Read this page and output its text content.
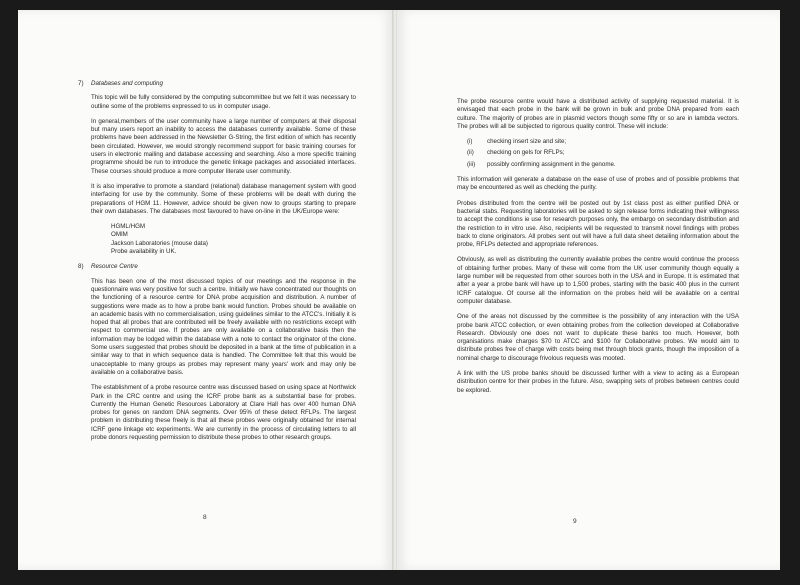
7) Databases and computing

This topic will be fully considered by the computing subcommittee but we felt it was necessary to outline some of the problems expressed to us in computer usage.

In general,members of the user community have a large number of computers at their disposal but many users report an inability to access the databases currently available. Some of these problems have been addressed in the Newsletter G-String, the first edition of which has recently been circulated. However, we would strongly recommend support for basic training courses for users in electronic mailing and database accessing and searching. Also a more specific training programme should be run to introduce the genetic linkage packages and associated interfaces. These courses should produce a more computer literate user community.

It is also imperative to promote a standard (relational) database management system with good interfacing for use by the community. Some of these problems will be dealt with during the preparations of HGM 11. However, advice should be given now to groups starting to prepare their own databases. The databases most favoured to have on-line in the UK/Europe were:

HGML/HGM
OMIM
Jackson Laboratories (mouse data)
Probe availability in UK.
8) Resource Centre

This has been one of the most discussed topics of our meetings and the response in the questionnaire was very positive for such a centre. Initially we have concentrated our thoughts on the functioning of a resource centre for DNA probe acquisition and distribution. A number of suggestions were made as to how a probe bank would function. Probes should be available on an academic basis with no commercialisation, using guidelines similar to the ATCC's. Initially it is hoped that all probes that are contributed will be freely available with no restrictions except with respect to commercial use. If probes are only available on a collaborative basis then the information may be lodged within the database with a note to contact the originator of the clone. Some users suggested that probes should be deposited in a bank at the time of publication in a similar way to that in which sequence data is handled. The Committee felt that this would be unacceptable to many groups as probes may represent many years' work and may only be available on a collaborative basis.

The establishment of a probe resource centre was discussed based on using space at Northwick Park in the CRC centre and using the ICRF probe bank as a substantial base for probes. Currently the Human Genetic Resources Laboratory at Clare Hall has over 400 human DNA probes for genes on random DNA segments. Over 95% of these detect RFLPs. The largest problem in distributing these freely is that all these probes were originally obtained for internal ICRF gene linkage etc experiments. We are currently in the process of circulating letters to all probe donors requesting permission to distribute these probes to other research groups.

8

The probe resource centre would have a distributed activity of supplying requested material. It is envisaged that each probe in the bank will be grown in bulk and probe DNA prepared from each culture. The majority of probes are in plasmid vectors though some fifty or so are in lambda vectors. The probes will all be subjected to rigorous quality control. These will include:

(i) checking insert size and site;
(ii) checking on gels for RFLPs;
(iii) possibly confirming assignment in the genome.

This information will generate a database on the ease of use of probes and of possible problems that may be encountered as well as checking the purity.

Probes distributed from the centre will be posted out by 1st class post as either purified DNA or bacterial stabs. Requesting laboratories will be asked to sign release forms indicating their willingness to accept the conditions ie use for research purposes only, the embargo on secondary distribution and the restriction to in vitro use. Also, recipients will be requested to transmit novel findings with probes back to clone originators. All probes sent out will have a full data sheet detailing information about the probe, RFLPs detected and appropriate references.

Obviously, as well as distributing the currently available probes the centre would continue the process of obtaining further probes. Many of these will come from the UK user community though equally a large number will be requested from other sources both in the USA and in Europe. It is estimated that after a year a probe bank will have up to 1,500 probes, starting with the basic 400 plus in the current ICRF catalogue. Of course all the information on the probes held will be available on a central computer database.

One of the areas not discussed by the committee is the possibility of any interaction with the USA probe bank ATCC collection, or even obtaining probes from the collection developed at Collaborative Research. Obviously one does not want to duplicate these banks too much. However, both organisations make charges $70 to ATCC and $100 for Collaborative probes. We would aim to distribute probes free of charge with costs being met through block grants, though the imposition of a nominal charge to discourage frivolous requests was mooted.

A link with the US probe banks should be discussed further with a view to acting as a European distribution centre for their probes in the future. Also, swapping sets of probes between centres could be explored.

9
